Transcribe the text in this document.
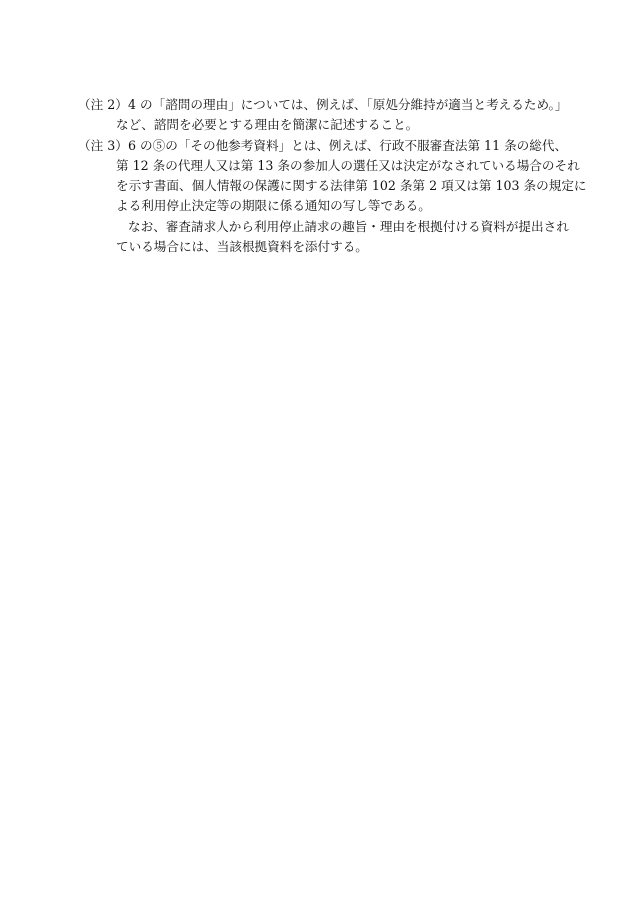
（注 2） 4 の「諮問の理由」については、例えば、「原処分維持が適当と考えるため。」
など、諮問を必要とする理由を簡潔に記述すること。
（注 3） 6 の⑤の「その他参考資料」とは、例えば、行政不服審査法第 11 条の総代、
第 12 条の代理人又は第 13 条の参加人の選任又は決定がなされている場合のそれ
を示す書面、個人情報の保護に関する法律第 102 条第 2 項又は第 103 条の規定に
よる利用停止決定等の期限に係る通知の写し等である。
なお、審査請求人から利用停止請求の趣旨・理由を根拠付ける資料が提出され
ている場合には、当該根拠資料を添付する。
